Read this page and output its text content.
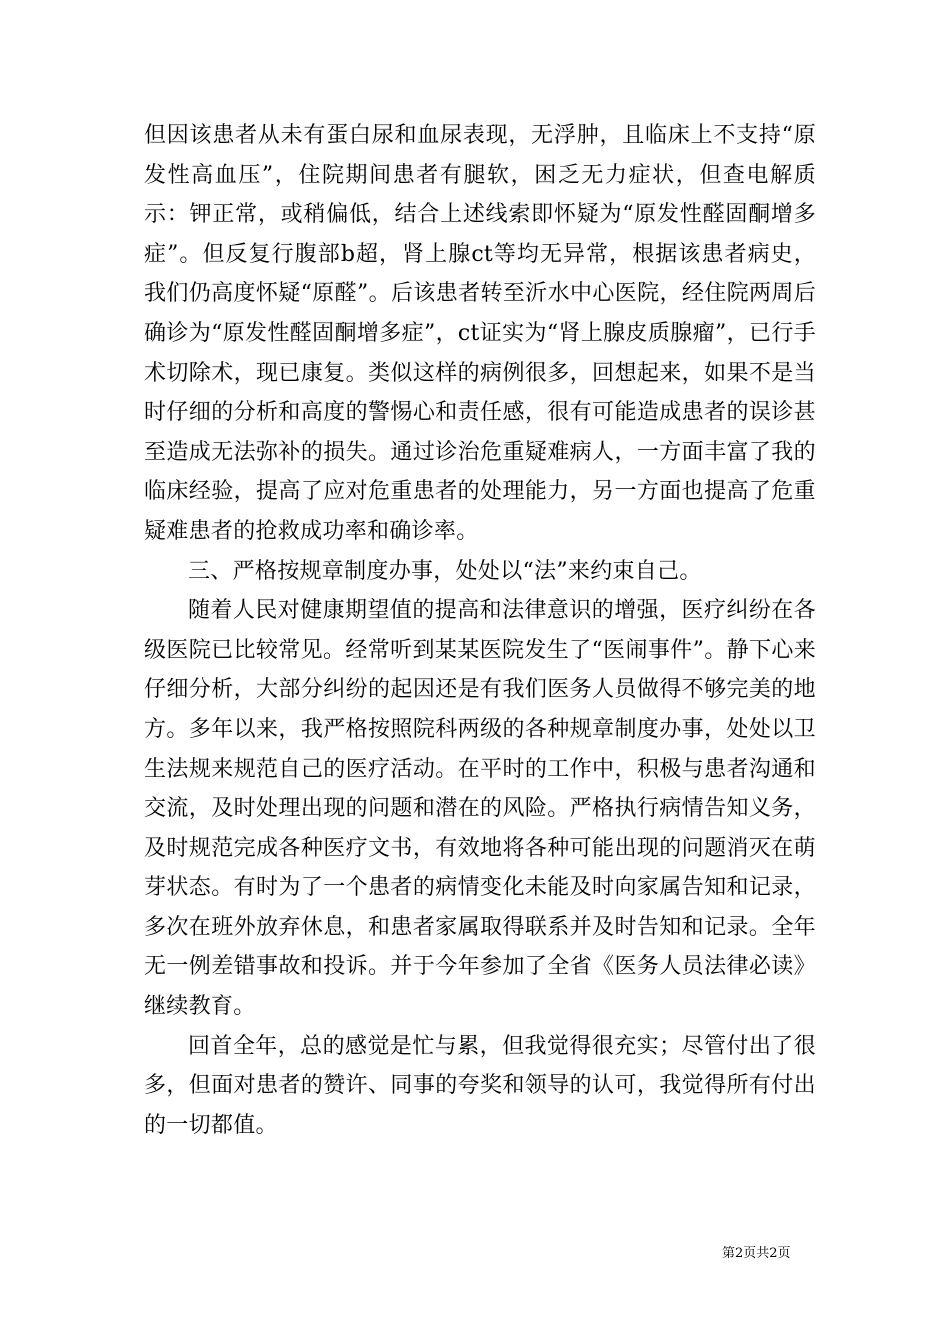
但因该患者从未有蛋白尿和血尿表现，无浮肿，且临床上不支持“原发性高血压”，住院期间患者有腿软，困乏无力症状，但查电解质示：钾正常，或稍偏低，结合上述线索即怀疑为“原发性醛固酮增多症”。但反复行腹部b超，肾上腺ct等均无异常，根据该患者病史，我们仍高度怀疑“原醛”。后该患者转至沂水中心医院，经住院两周后确诊为“原发性醛固酮增多症”，ct证实为“肾上腺皮质腺瘤”，已行手术切除术，现已康复。类似这样的病例很多，回想起来，如果不是当时仔细的分析和高度的警惕心和责任感，很有可能造成患者的误诊甚至造成无法弥补的损失。通过诊治危重疑难病人，一方面丰富了我的临床经验，提高了应对危重患者的处理能力，另一方面也提高了危重疑难患者的抢救成功率和确诊率。

三、严格按规章制度办事，处处以“法”来约束自己。

随着人民对健康期望值的提高和法律意识的增强，医疗纠纷在各级医院已比较常见。经常听到某某医院发生了“医闹事件”。静下心来仔细分析，大部分纠纷的起因还是有我们医务人员做得不够完美的地方。多年以来，我严格按照院科两级的各种规章制度办事，处处以卫生法规来规范自己的医疗活动。在平时的工作中，积极与患者沟通和交流，及时处理出现的问题和潜在的风险。严格执行病情告知义务，及时规范完成各种医疗文书，有效地将各种可能出现的问题消灭在萌芽状态。有时为了一个患者的病情变化未能及时向家属告知和记录，多次在班外放弃休息，和患者家属取得联系并及时告知和记录。全年无一例差错事故和投诉。并于今年参加了全省《医务人员法律必读》继续教育。

回首全年，总的感觉是忙与累，但我觉得很充实；尽管付出了很多，但面对患者的赞许、同事的夸奖和领导的认可，我觉得所有付出的一切都值。

第2页共2页
